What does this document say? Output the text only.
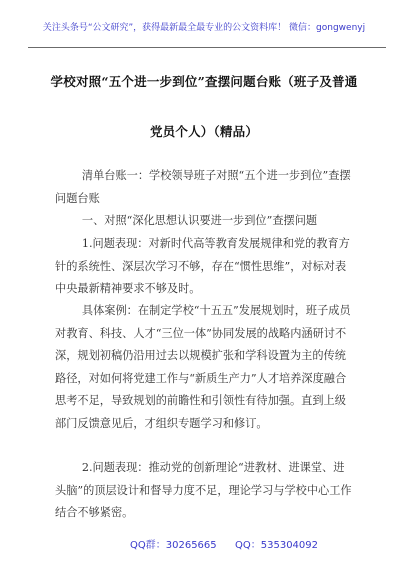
关注头条号“公文研究”，获得最新最全最专业的公文资料库！ 微信：gongwenyj
学校对照“五个进一步到位”查摆问题台账（班子及普通
党员个人）（精品）
清单台账一：学校领导班子对照“五个进一步到位”查摆问题台账
一、对照“深化思想认识要进一步到位”查摆问题
1.问题表现：对新时代高等教育发展规律和党的教育方针的系统性、深层次学习不够，存在“惯性思维”，对标对表中央最新精神要求不够及时。
具体案例：在制定学校“十五五”发展规划时，班子成员对教育、科技、人才“三位一体”协同发展的战略内涵研讨不深，规划初稿仍沿用过去以规模扩张和学科设置为主的传统路径，对如何将党建工作与“新质生产力”人才培养深度融合思考不足，导致规划的前瞻性和引领性有待加强。直到上级部门反馈意见后，才组织专题学习和修订。
2.问题表现：推动党的创新理论“进教材、进课堂、进头脑”的顶层设计和督导力度不足，理论学习与学校中心工作结合不够紧密。
QQ群：30265665 QQ：535304092
